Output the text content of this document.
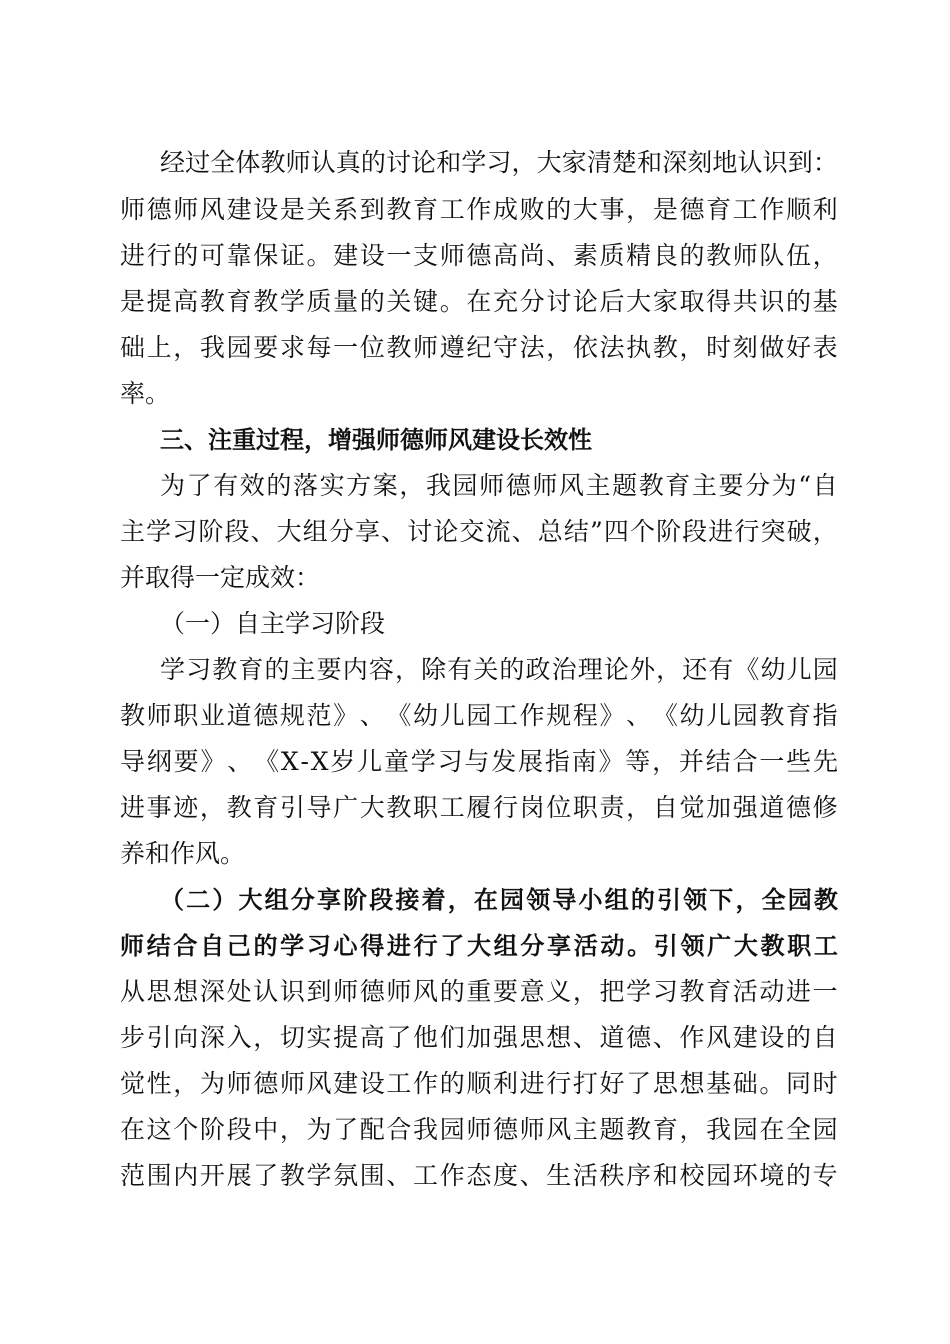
经 过 全 体 教 师 认 真 的 讨 论 和 学 习 ， 大 家 清 楚 和 深 刻 地 认 识 到 ：
师 德 师 风 建 设 是 关 系 到 教 育 工 作 成 败 的 大 事 ， 是 德 育 工 作 顺 利
进 行 的 可 靠 保 证 。 建 设 一 支 师 德 高 尚 、 素 质 精 良 的 教 师 队 伍 ，
是 提 高 教 育 教 学 质 量 的 关 键 。 在 充 分 讨 论 后 大 家 取 得 共 识 的 基
础 上 ， 我 园 要 求 每 一 位 教 师 遵 纪 守 法 ， 依 法 执 教 ， 时 刻 做 好 表
率。
三、注重过程，增强师德师风建设长效性
为 了 有 效 的 落 实 方 案 ， 我 园 师 德 师 风 主 题 教 育 主 要 分 为 “ 自
主 学 习 阶 段 、 大 组 分 享 、 讨 论 交 流 、 总 结 ” 四 个 阶 段 进 行 突 破 ，
并取得一定成效：
（一）自主学习阶段
学 习 教 育 的 主 要 内 容 ， 除 有 关 的 政 治 理 论 外 ， 还 有 《 幼 儿 园
教 师 职 业 道 德 规 范 》 、 《 幼 儿 园 工 作 规 程 》 、 《 幼 儿 园 教 育 指
导 纲 要 》 、 《 X - X 岁 儿 童 学 习 与 发 展 指 南 》 等 ， 并 结 合 一 些 先
进 事 迹 ， 教 育 引 导 广 大 教 职 工 履 行 岗 位 职 责 ， 自 觉 加 强 道 德 修
养和作风。
（ 二 ） 大 组 分 享 阶 段 接 着 ， 在 园 领 导 小 组 的 引 领 下 ， 全 园 教
师 结 合 自 己 的 学 习 心 得 进 行 了 大 组 分 享 活 动 。 引 领 广 大 教 职 工
从 思 想 深 处 认 识 到 师 德 师 风 的 重 要 意 义 ， 把 学 习 教 育 活 动 进 一
步 引 向 深 入 ， 切 实 提 高 了 他 们 加 强 思 想 、 道 德 、 作 风 建 设 的 自
觉 性 ， 为 师 德 师 风 建 设 工 作 的 顺 利 进 行 打 好 了 思 想 基 础 。 同 时
在 这 个 阶 段 中 ， 为 了 配 合 我 园 师 德 师 风 主 题 教 育 ， 我 园 在 全 园
范 围 内 开 展 了 教 学 氛 围 、 工 作 态 度 、 生 活 秩 序 和 校 园 环 境 的 专
